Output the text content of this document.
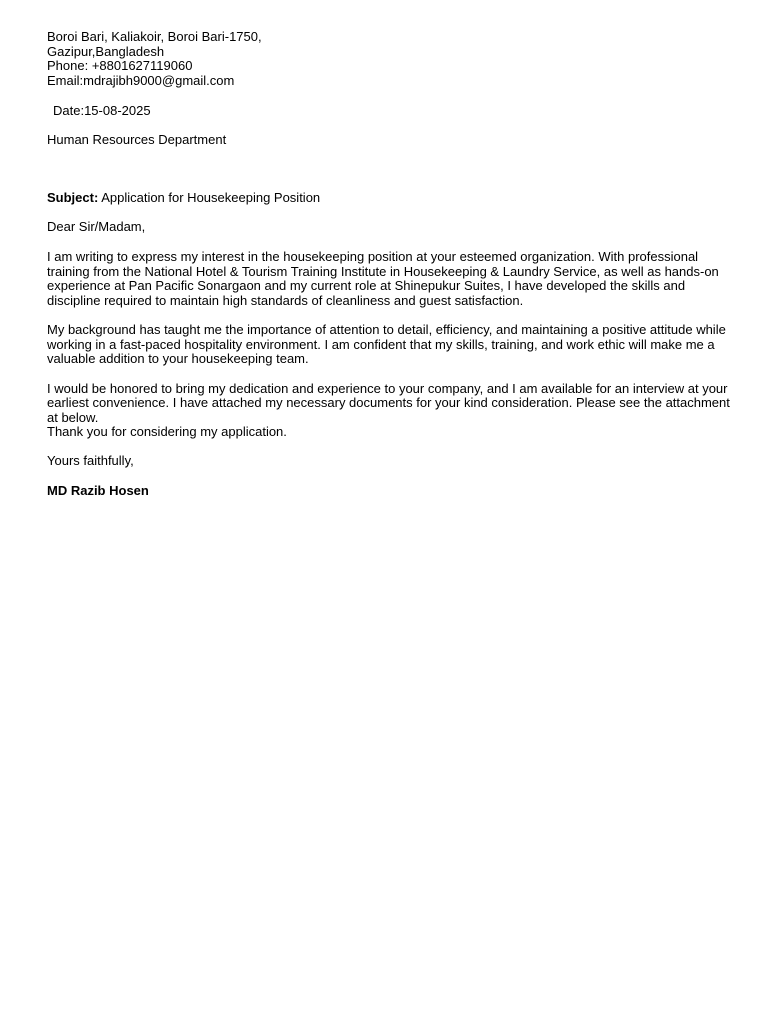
Boroi Bari, Kaliakoir, Boroi Bari-1750,

Gazipur,Bangladesh

Phone: +8801627119060

Email:mdrajibh9000@gmail.com

Date:15-08-2025

Human Resources Department

Subject: Application for Housekeeping Position

Dear Sir/Madam,

I am writing to express my interest in the housekeeping position at your esteemed organization. With professional

training from the National Hotel & Tourism Training Institute in Housekeeping & Laundry Service, as well as hands-on

experience at Pan Pacific Sonargaon and my current role at Shinepukur Suites, I have developed the skills and

discipline required to maintain high standards of cleanliness and guest satisfaction.

My background has taught me the importance of attention to detail, efficiency, and maintaining a positive attitude while

working in a fast-paced hospitality environment. I am confident that my skills, training, and work ethic will make me a

valuable addition to your housekeeping team.

I would be honored to bring my dedication and experience to your company, and I am available for an interview at your

earliest convenience. I have attached my necessary documents for your kind consideration. Please see the attachment

at below.

Thank you for considering my application.

Yours faithfully,

MD Razib Hosen
